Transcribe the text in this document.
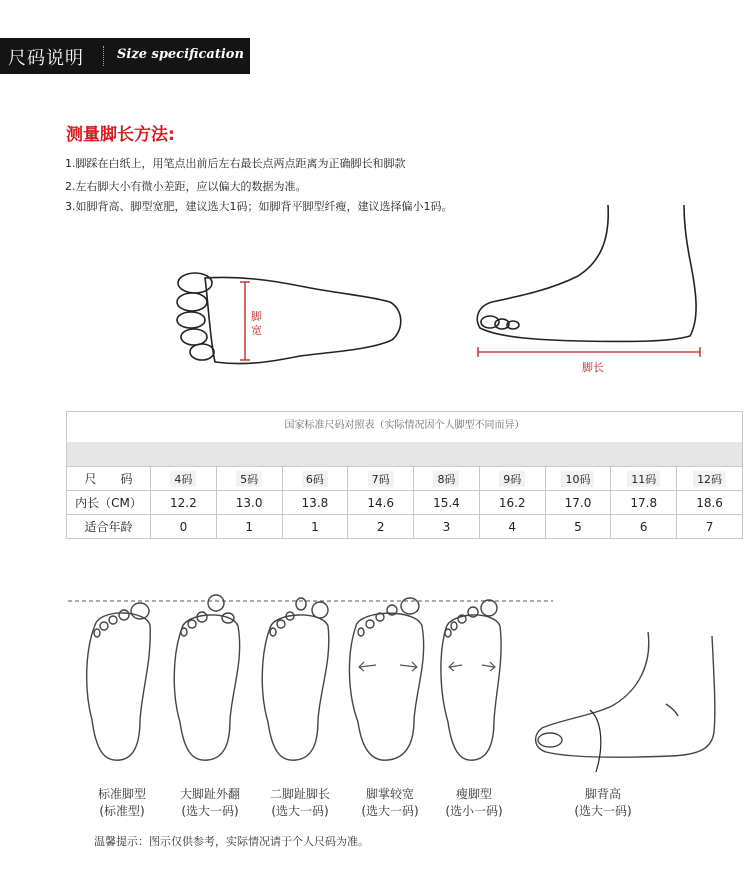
尺码说明	Size specification
测量脚长方法:
1.脚踩在白纸上，用笔点出前后左右最长点两点距离为正确脚长和脚款
2.左右脚大小有微小差距，应以偏大的数据为准。
3.如脚背高、脚型宽肥，建议选大1码；如脚背平脚型纤瘦，建议选择偏小1码。
脚宽
脚长
国家标准尺码对照表（实际情况因个人脚型不同而异）
尺　　码	4码	5码	6码	7码	8码	9码	10码	11码	12码
内长（CM）	12.2	13.0	13.8	14.6	15.4	16.2	17.0	17.8	18.6
适合年龄	0	1	1	2	3	4	5	6	7
标准脚型
(标准型)
大脚趾外翻
(选大一码)
二脚趾脚长
(选大一码)
脚掌较宽
(选大一码)
瘦脚型
(选小一码)
脚背高
(选大一码)
温馨提示：图示仅供参考，实际情况请于个人尺码为准。
